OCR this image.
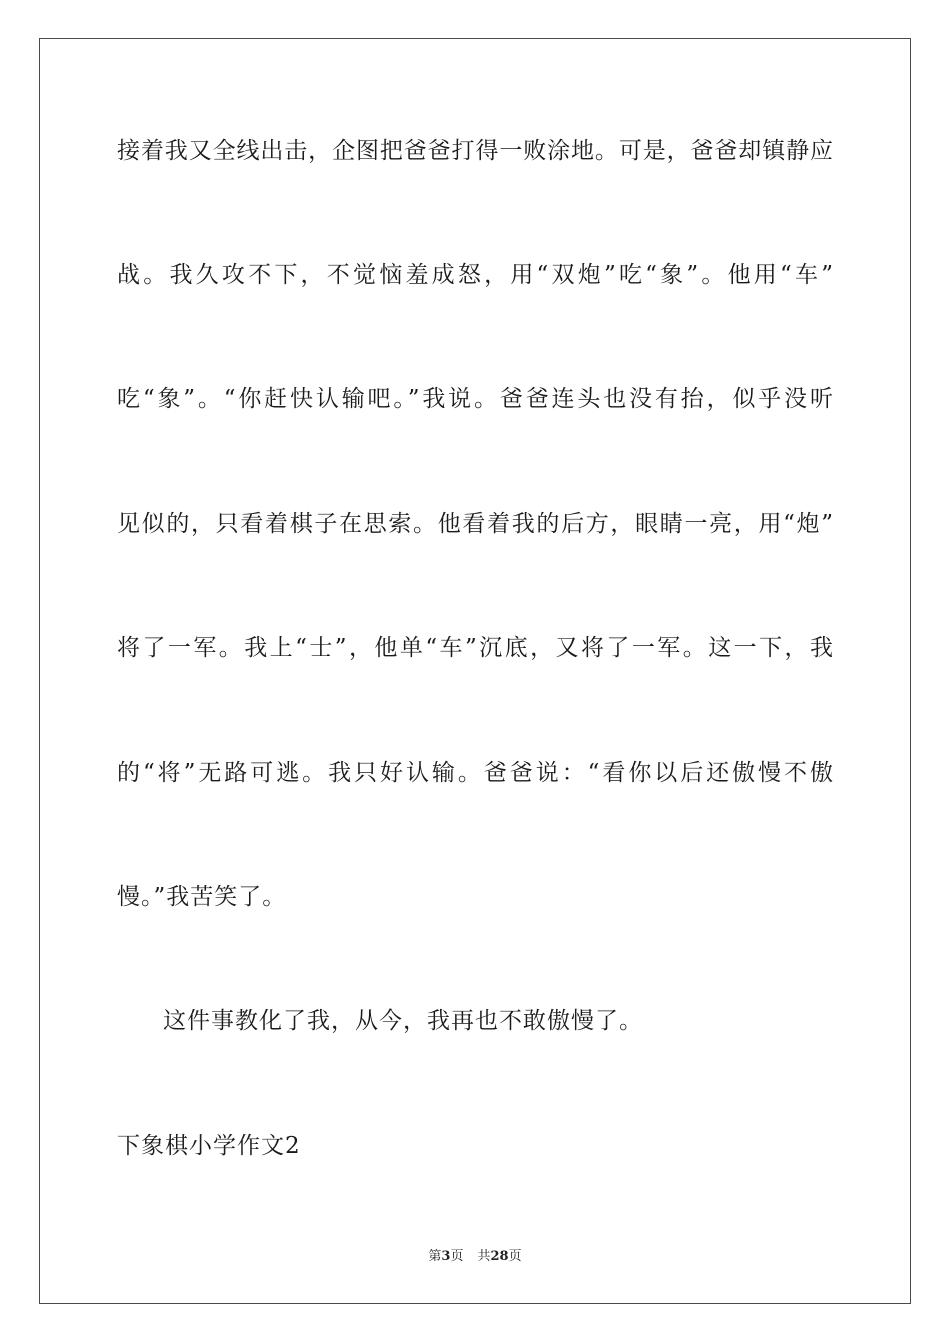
接着我又全线出击，企图把爸爸打得一败涂地。可是，爸爸却镇静应
战。我久攻不下，不觉恼羞成怒，用“双炮”吃“象”。他用“车”
吃“象”。“你赶快认输吧。”我说。爸爸连头也没有抬，似乎没听
见似的，只看着棋子在思索。他看着我的后方，眼睛一亮，用“炮”
将了一军。我上“士”，他单“车”沉底，又将了一军。这一下，我
的“将”无路可逃。我只好认输。爸爸说：“看你以后还傲慢不傲
慢。”我苦笑了。
这件事教化了我，从今，我再也不敢傲慢了。
下象棋小学作文2
第3页 共28页
